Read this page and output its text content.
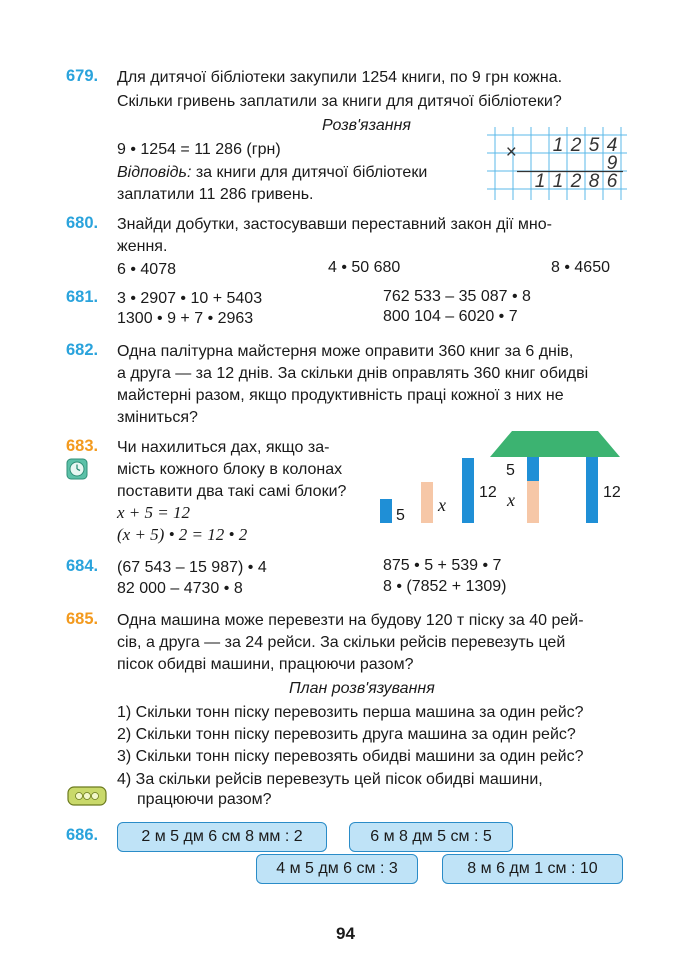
679. Для дитячої бібліотеки закупили 1254 книги, по 9 грн кожна.
Скільки гривень заплатили за книги для дитячої бібліотеки?
Розв'язання
9 • 1254 = 11 286 (грн)
Відповідь: за книги для дитячої бібліотеки
заплатили 11 286 гривень.
× 1 2 5 4
9
1 1 2 8 6
680. Знайди добутки, застосувавши переставний закон дії мно-
ження.
6 • 4078	4 • 50 680	8 • 4650
681. 3 • 2907 • 10 + 5403	762 533 – 35 087 • 8
1300 • 9 + 7 • 2963	800 104 – 6020 • 7
682. Одна палітурна майстерня може оправити 360 книг за 6 днів,
а друга — за 12 днів. За скільки днів оправлять 360 книг обидві
майстерні разом, якщо продуктивність праці кожної з них не
зміниться?
683. Чи нахилиться дах, якщо за-
мість кожного блоку в колонах
поставити два такі самі блоки?
x + 5 = 12
(x + 5) • 2 = 12 • 2
5
x	12
5
x
12
684. (67 543 – 15 987) • 4	875 • 5 + 539 • 7
82 000 – 4730 • 8	8 • (7852 + 1309)
685. Одна машина може перевезти на будову 120 т піску за 40 рей-
сів, а друга — за 24 рейси. За скільки рейсів перевезуть цей
пісок обидві машини, працюючи разом?
План розв'язування
1) Скільки тонн піску перевозить перша машина за один рейс?
2) Скільки тонн піску перевозить друга машина за один рейс?
3) Скільки тонн піску перевозять обидві машини за один рейс?
4) За скільки рейсів перевезуть цей пісок обидві машини,
працюючи разом?
686.	2 м 5 дм 6 см 8 мм : 2	6 м 8 дм 5 см : 5
4 м 5 дм 6 см : 3	8 м 6 дм 1 см : 10
94
